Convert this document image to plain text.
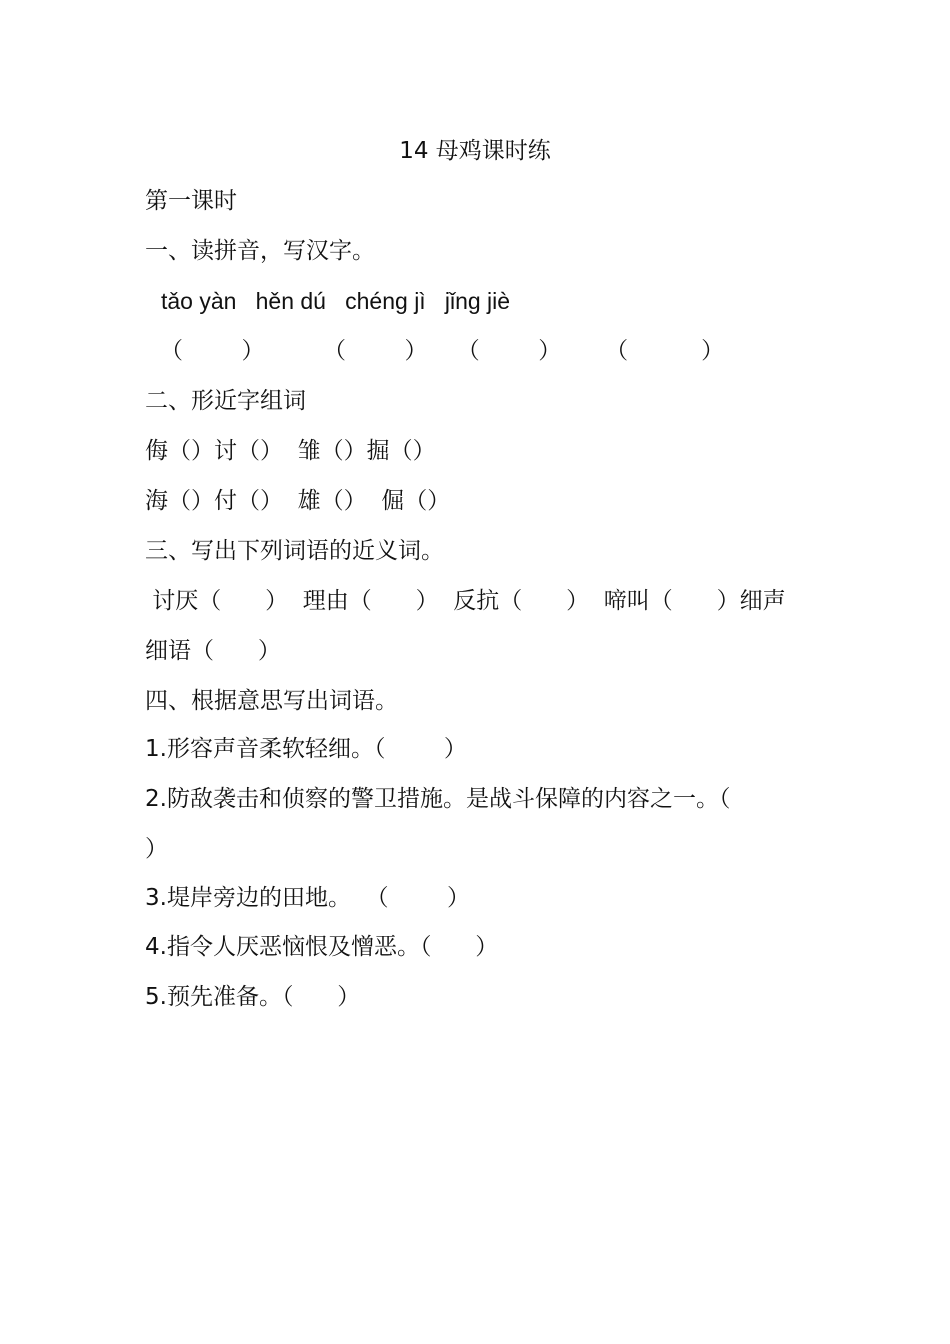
14 母鸡课时练
第一课时
一、读拼音，写汉字。
tǎo yàn   hěn dú   chéng jì   jǐng jiè
（        ）        （        ）    （        ）      （          ）
二、形近字组词
侮（）讨（）  雏（）掘（）
海（）付（）  雄（）  倔（）
三、写出下列词语的近义词。
讨厌（      ）  理由（      ）  反抗（      ）  啼叫（      ）细声
细语（      ）
四、根据意思写出词语。
1.形容声音柔软轻细。（        ）
2.防敌袭击和侦察的警卫措施。是战斗保障的内容之一。（
）
3.堤岸旁边的田地。  （        ）
4.指令人厌恶恼恨及憎恶。（      ）
5.预先准备。（      ）
